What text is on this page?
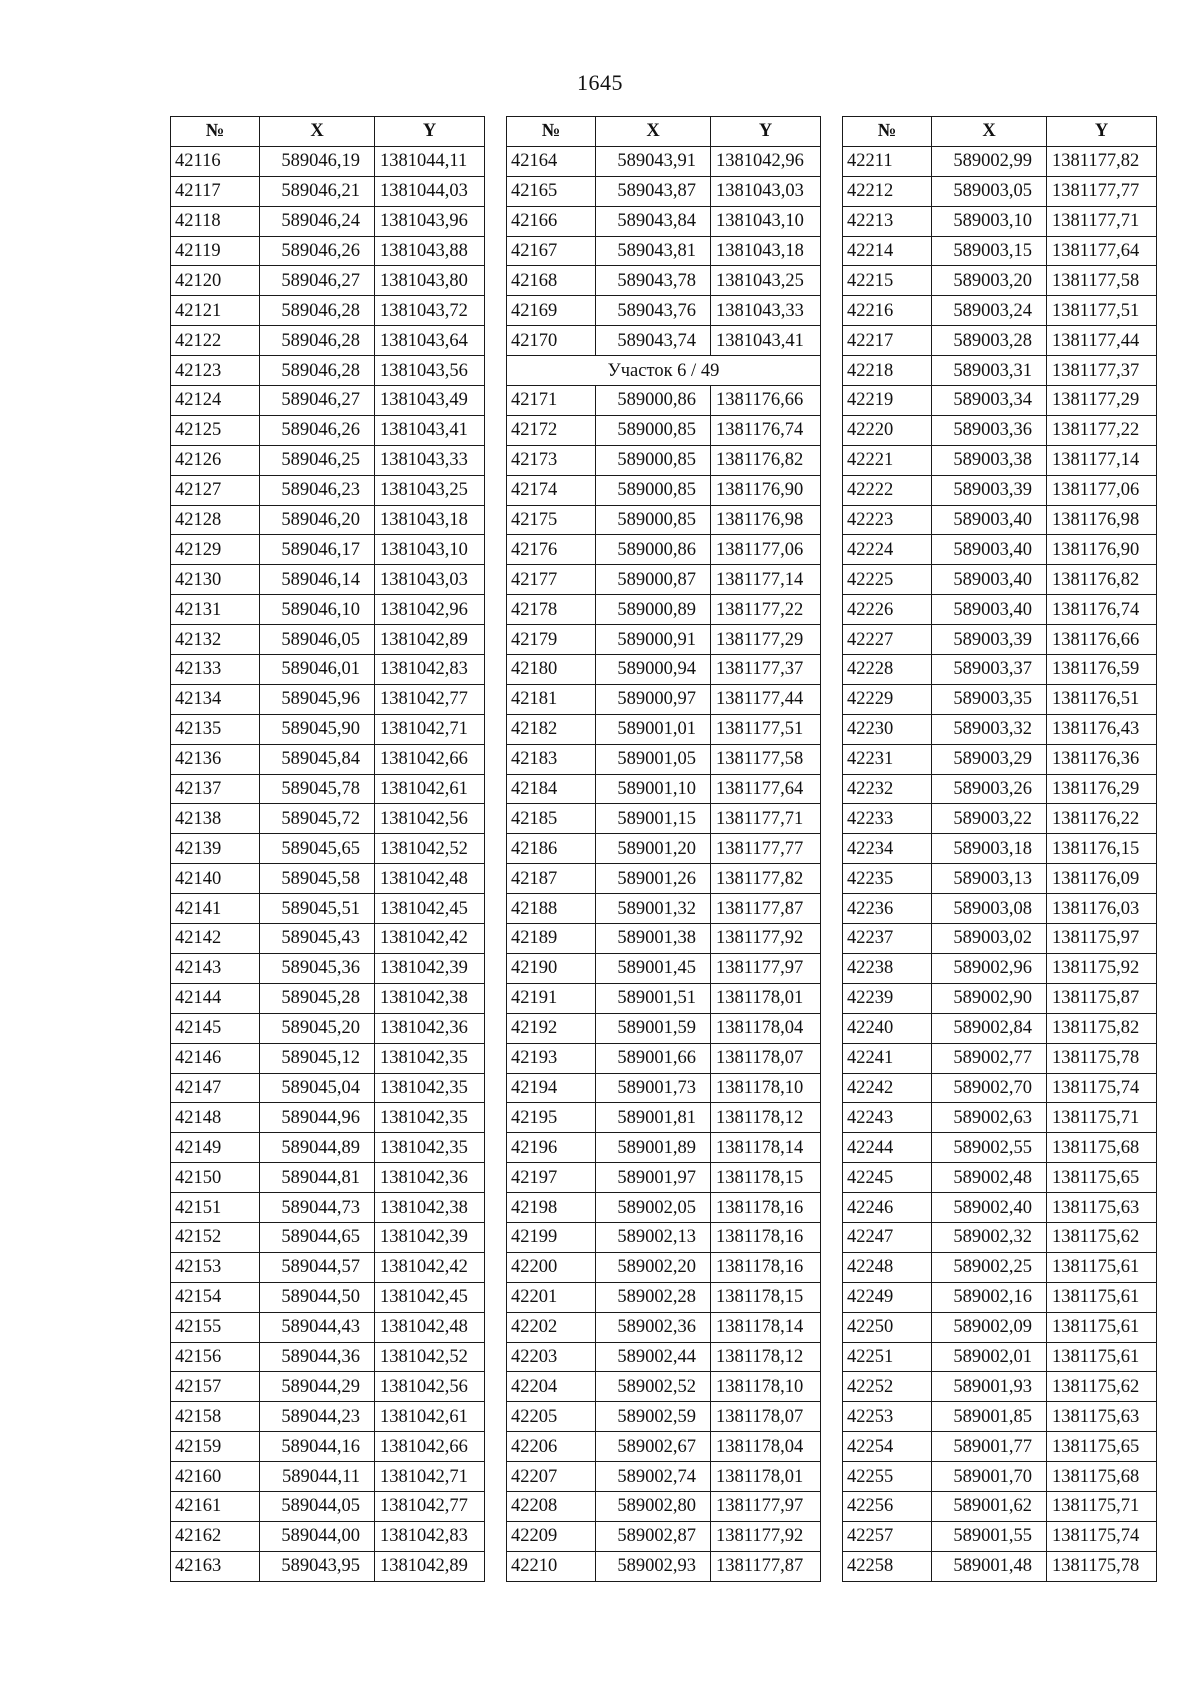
1645
№	X	Y
42116	589046,19	1381044,11
42117	589046,21	1381044,03
42118	589046,24	1381043,96
42119	589046,26	1381043,88
42120	589046,27	1381043,80
42121	589046,28	1381043,72
42122	589046,28	1381043,64
42123	589046,28	1381043,56
42124	589046,27	1381043,49
42125	589046,26	1381043,41
42126	589046,25	1381043,33
42127	589046,23	1381043,25
42128	589046,20	1381043,18
42129	589046,17	1381043,10
42130	589046,14	1381043,03
42131	589046,10	1381042,96
42132	589046,05	1381042,89
42133	589046,01	1381042,83
42134	589045,96	1381042,77
42135	589045,90	1381042,71
42136	589045,84	1381042,66
42137	589045,78	1381042,61
42138	589045,72	1381042,56
42139	589045,65	1381042,52
42140	589045,58	1381042,48
42141	589045,51	1381042,45
42142	589045,43	1381042,42
42143	589045,36	1381042,39
42144	589045,28	1381042,38
42145	589045,20	1381042,36
42146	589045,12	1381042,35
42147	589045,04	1381042,35
42148	589044,96	1381042,35
42149	589044,89	1381042,35
42150	589044,81	1381042,36
42151	589044,73	1381042,38
42152	589044,65	1381042,39
42153	589044,57	1381042,42
42154	589044,50	1381042,45
42155	589044,43	1381042,48
42156	589044,36	1381042,52
42157	589044,29	1381042,56
42158	589044,23	1381042,61
42159	589044,16	1381042,66
42160	589044,11	1381042,71
42161	589044,05	1381042,77
42162	589044,00	1381042,83
42163	589043,95	1381042,89
№	X	Y
42164	589043,91	1381042,96
42165	589043,87	1381043,03
42166	589043,84	1381043,10
42167	589043,81	1381043,18
42168	589043,78	1381043,25
42169	589043,76	1381043,33
42170	589043,74	1381043,41
Участок 6 / 49		
42171	589000,86	1381176,66
42172	589000,85	1381176,74
42173	589000,85	1381176,82
42174	589000,85	1381176,90
42175	589000,85	1381176,98
42176	589000,86	1381177,06
42177	589000,87	1381177,14
42178	589000,89	1381177,22
42179	589000,91	1381177,29
42180	589000,94	1381177,37
42181	589000,97	1381177,44
42182	589001,01	1381177,51
42183	589001,05	1381177,58
42184	589001,10	1381177,64
42185	589001,15	1381177,71
42186	589001,20	1381177,77
42187	589001,26	1381177,82
42188	589001,32	1381177,87
42189	589001,38	1381177,92
42190	589001,45	1381177,97
42191	589001,51	1381178,01
42192	589001,59	1381178,04
42193	589001,66	1381178,07
42194	589001,73	1381178,10
42195	589001,81	1381178,12
42196	589001,89	1381178,14
42197	589001,97	1381178,15
42198	589002,05	1381178,16
42199	589002,13	1381178,16
42200	589002,20	1381178,16
42201	589002,28	1381178,15
42202	589002,36	1381178,14
42203	589002,44	1381178,12
42204	589002,52	1381178,10
42205	589002,59	1381178,07
42206	589002,67	1381178,04
42207	589002,74	1381178,01
42208	589002,80	1381177,97
42209	589002,87	1381177,92
42210	589002,93	1381177,87
№	X	Y
42211	589002,99	1381177,82
42212	589003,05	1381177,77
42213	589003,10	1381177,71
42214	589003,15	1381177,64
42215	589003,20	1381177,58
42216	589003,24	1381177,51
42217	589003,28	1381177,44
42218	589003,31	1381177,37
42219	589003,34	1381177,29
42220	589003,36	1381177,22
42221	589003,38	1381177,14
42222	589003,39	1381177,06
42223	589003,40	1381176,98
42224	589003,40	1381176,90
42225	589003,40	1381176,82
42226	589003,40	1381176,74
42227	589003,39	1381176,66
42228	589003,37	1381176,59
42229	589003,35	1381176,51
42230	589003,32	1381176,43
42231	589003,29	1381176,36
42232	589003,26	1381176,29
42233	589003,22	1381176,22
42234	589003,18	1381176,15
42235	589003,13	1381176,09
42236	589003,08	1381176,03
42237	589003,02	1381175,97
42238	589002,96	1381175,92
42239	589002,90	1381175,87
42240	589002,84	1381175,82
42241	589002,77	1381175,78
42242	589002,70	1381175,74
42243	589002,63	1381175,71
42244	589002,55	1381175,68
42245	589002,48	1381175,65
42246	589002,40	1381175,63
42247	589002,32	1381175,62
42248	589002,25	1381175,61
42249	589002,16	1381175,61
42250	589002,09	1381175,61
42251	589002,01	1381175,61
42252	589001,93	1381175,62
42253	589001,85	1381175,63
42254	589001,77	1381175,65
42255	589001,70	1381175,68
42256	589001,62	1381175,71
42257	589001,55	1381175,74
42258	589001,48	1381175,78
